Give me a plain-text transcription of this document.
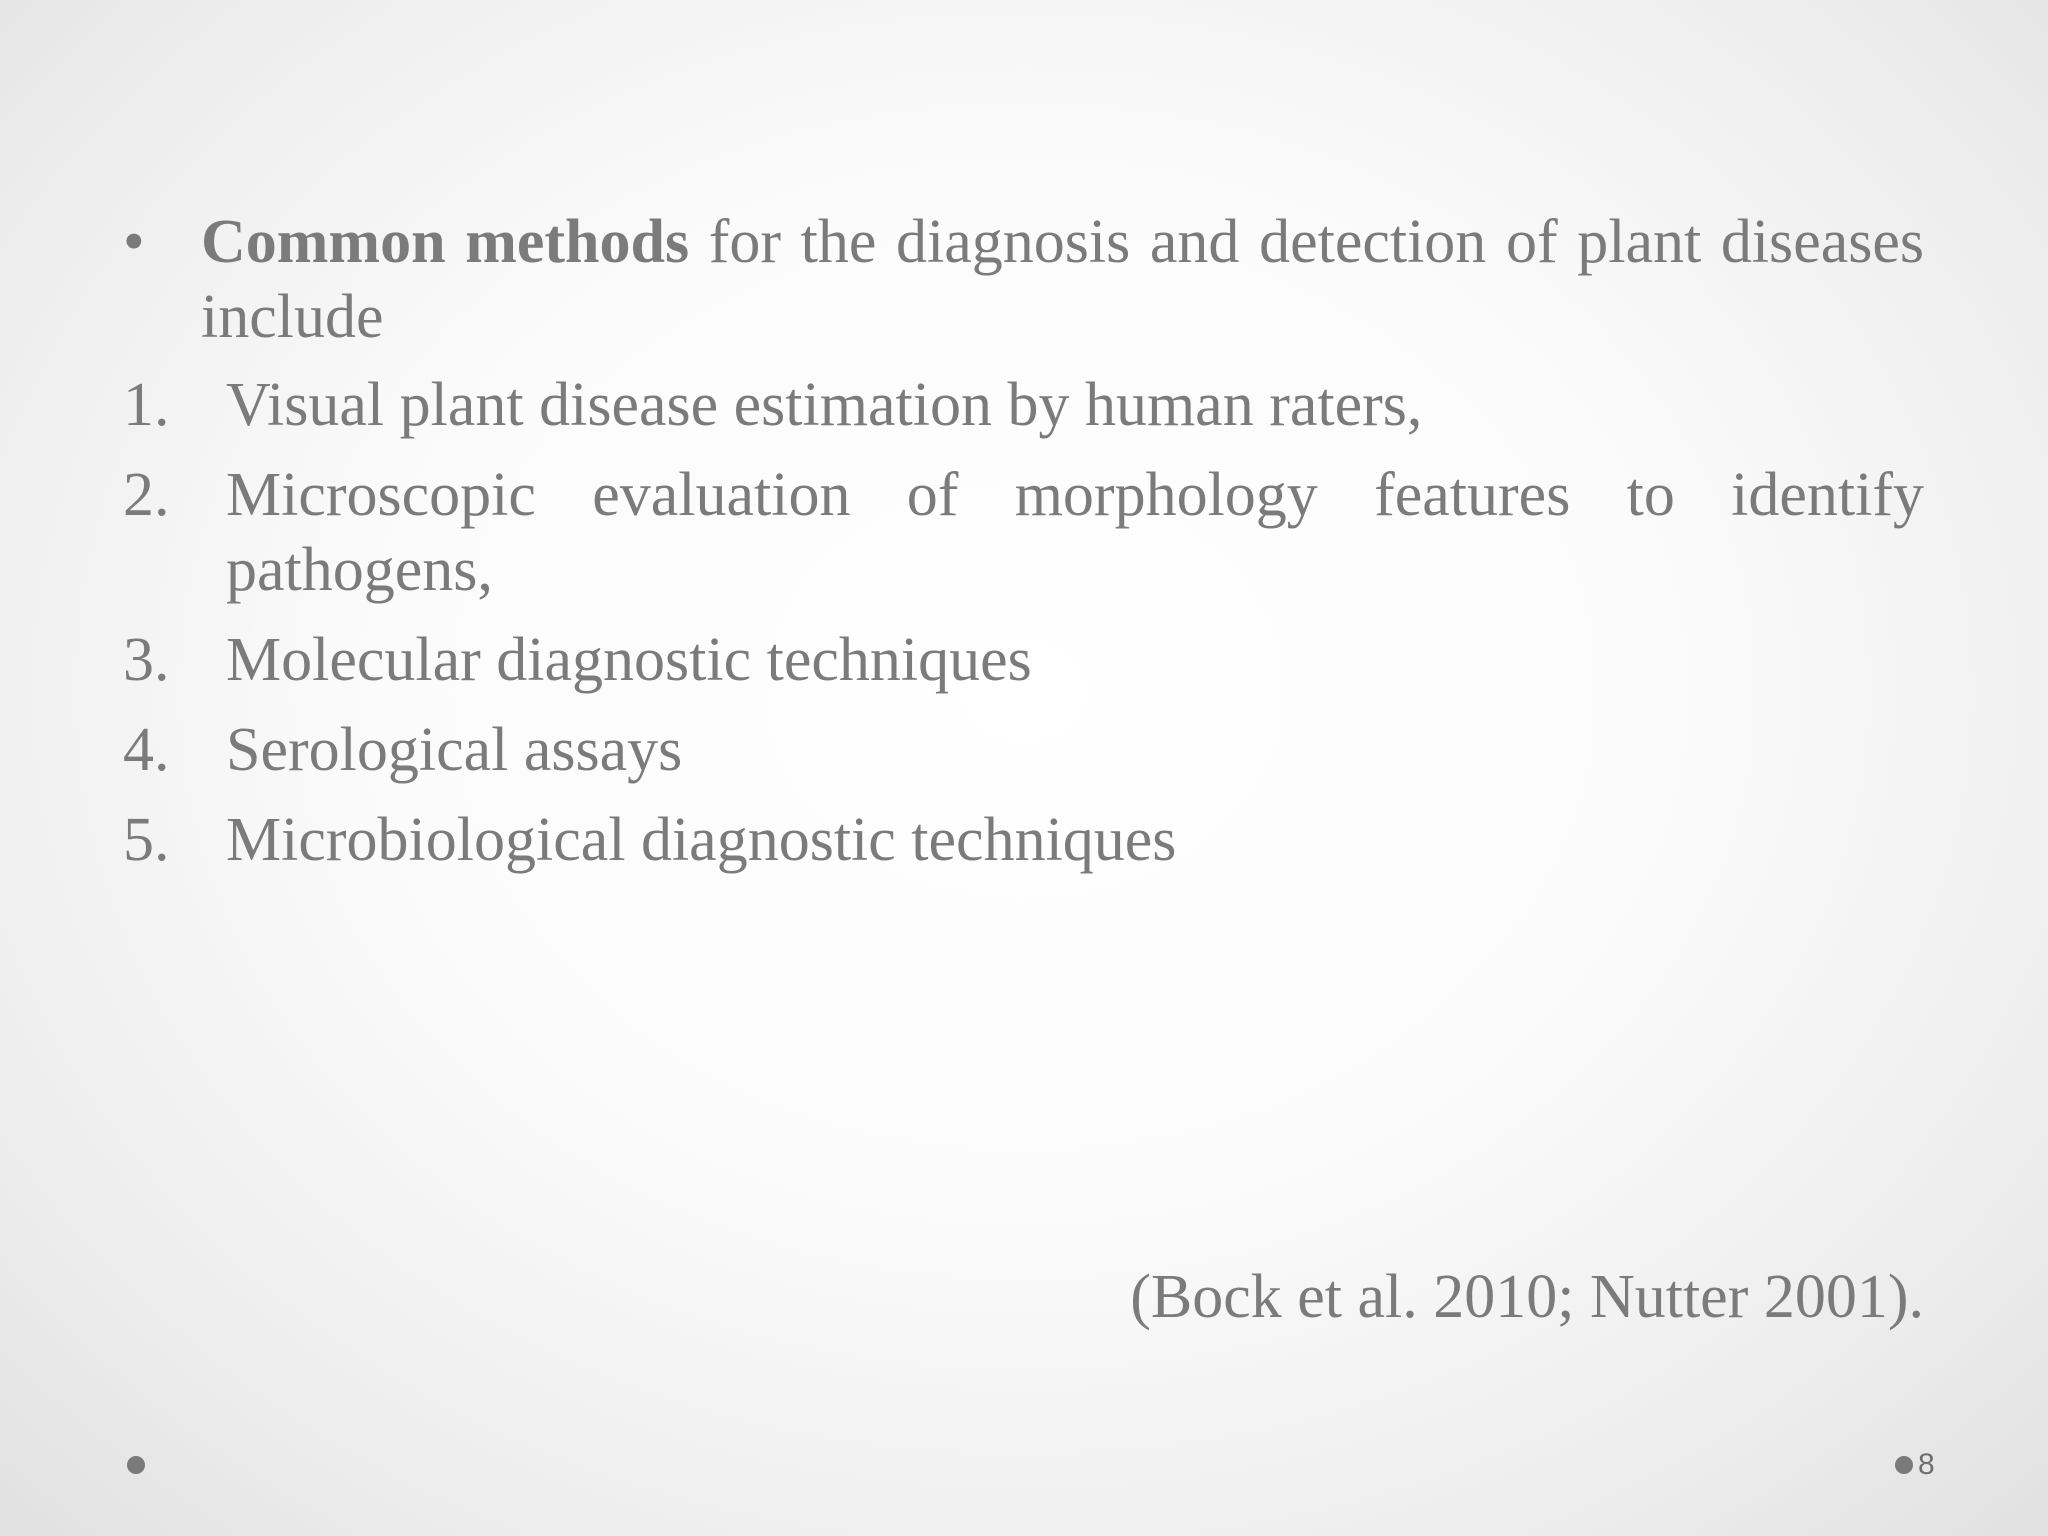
• Common methods for the diagnosis and detection of plant diseases include
1. Visual plant disease estimation by human raters,
2. Microscopic evaluation of morphology features to identify pathogens,
3. Molecular diagnostic techniques
4. Serological assays
5. Microbiological diagnostic techniques
(Bock et al. 2010; Nutter 2001).
8
